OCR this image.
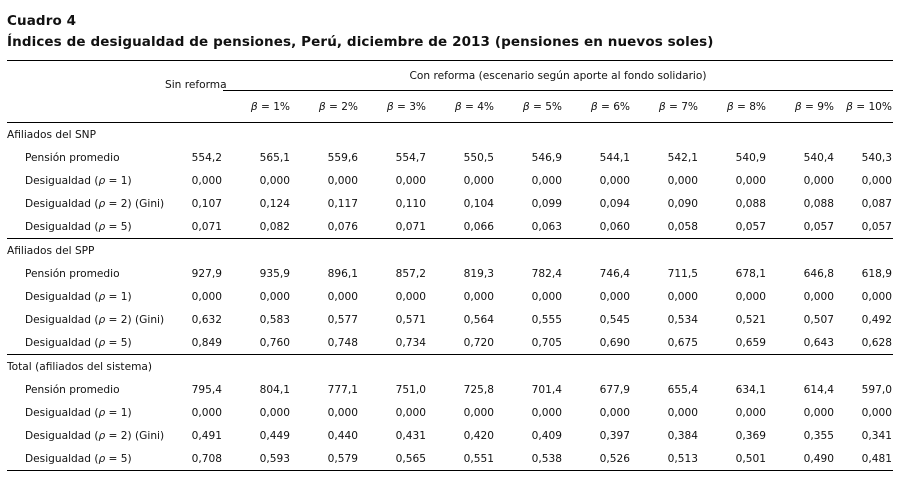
Cuadro 4
Índices de desigualdad de pensiones, Perú, diciembre de 2013 (pensiones en nuevos soles)

	Sin reforma	Con reforma (escenario según aporte al fondo solidario)									
		β = 1%	β = 2%	β = 3%	β = 4%	β = 5%	β = 6%	β = 7%	β = 8%	β = 9%	β = 10%

Afiliados del SNP											
Pensión promedio	554,2	565,1	559,6	554,7	550,5	546,9	544,1	542,1	540,9	540,4	540,3
Desigualdad (ρ = 1)	0,000	0,000	0,000	0,000	0,000	0,000	0,000	0,000	0,000	0,000	0,000
Desigualdad (ρ = 2) (Gini)	0,107	0,124	0,117	0,110	0,104	0,099	0,094	0,090	0,088	0,088	0,087
Desigualdad (ρ = 5)	0,071	0,082	0,076	0,071	0,066	0,063	0,060	0,058	0,057	0,057	0,057

Afiliados del SPP											
Pensión promedio	927,9	935,9	896,1	857,2	819,3	782,4	746,4	711,5	678,1	646,8	618,9
Desigualdad (ρ = 1)	0,000	0,000	0,000	0,000	0,000	0,000	0,000	0,000	0,000	0,000	0,000
Desigualdad (ρ = 2) (Gini)	0,632	0,583	0,577	0,571	0,564	0,555	0,545	0,534	0,521	0,507	0,492
Desigualdad (ρ = 5)	0,849	0,760	0,748	0,734	0,720	0,705	0,690	0,675	0,659	0,643	0,628

Total (afiliados del sistema)											
Pensión promedio	795,4	804,1	777,1	751,0	725,8	701,4	677,9	655,4	634,1	614,4	597,0
Desigualdad (ρ = 1)	0,000	0,000	0,000	0,000	0,000	0,000	0,000	0,000	0,000	0,000	0,000
Desigualdad (ρ = 2) (Gini)	0,491	0,449	0,440	0,431	0,420	0,409	0,397	0,384	0,369	0,355	0,341
Desigualdad (ρ = 5)	0,708	0,593	0,579	0,565	0,551	0,538	0,526	0,513	0,501	0,490	0,481
